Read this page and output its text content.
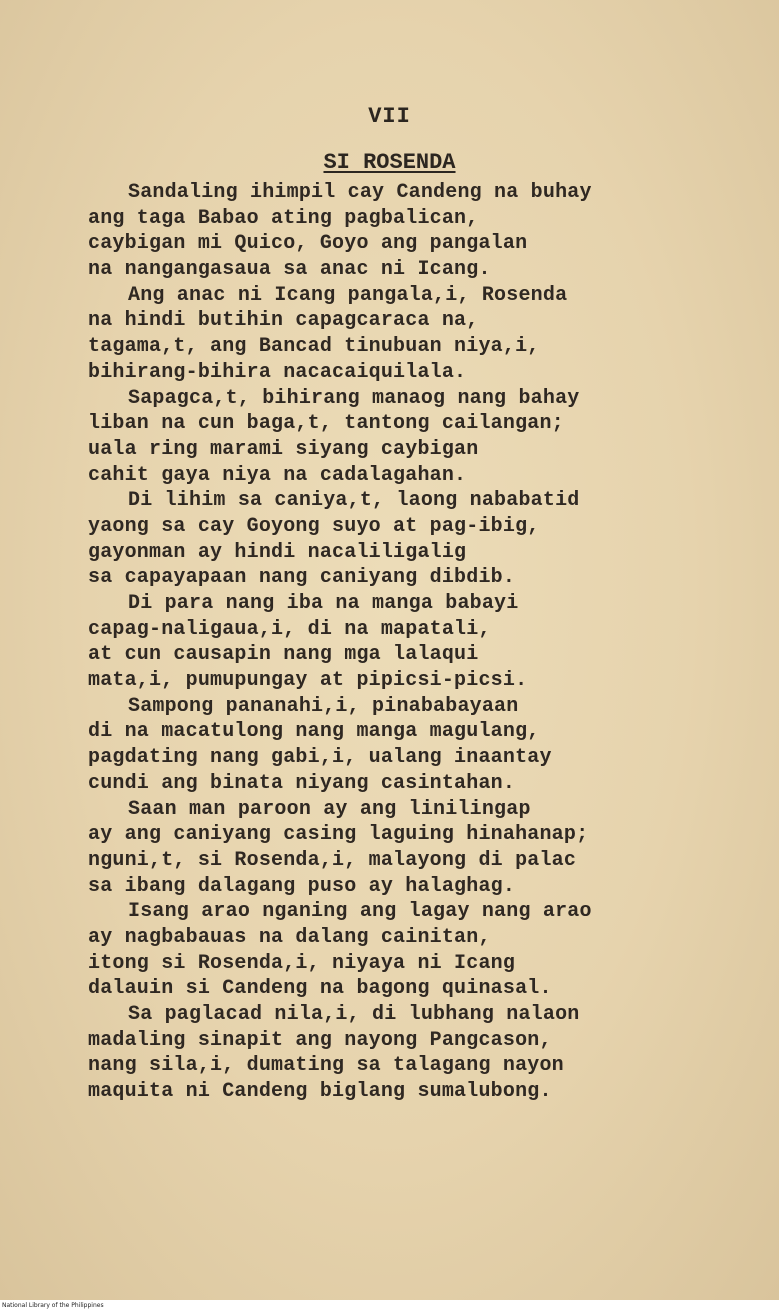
VII
SI ROSENDA
Sandaling ihimpil cay Candeng na buhay
ang taga Babao ating pagbalican,
caybigan mi Quico, Goyo ang pangalan
na nangangasaua sa anac ni Icang.
Ang anac ni Icang pangala,i, Rosenda
na hindi butihin capagcaraca na,
tagama,t, ang Bancad tinubuan niya,i,
bihirang-bihira nacacaiquilala.
Sapagca,t, bihirang manaog nang bahay
liban na cun baga,t, tantong cailangan;
uala ring marami siyang caybigan
cahit gaya niya na cadalagahan.
Di lihim sa caniya,t, laong nababatid
yaong sa cay Goyong suyo at pag-ibig,
gayonman ay hindi nacaliligalig
sa capayapaan nang caniyang dibdib.
Di para nang iba na manga babayi
capag-naligaua,i, di na mapatali,
at cun causapin nang mga lalaqui
mata,i, pumupungay at pipicsi-picsi.
Sampong pananahi,i, pinababayaan
di na macatulong nang manga magulang,
pagdating nang gabi,i, ualang inaantay
cundi ang binata niyang casintahan.
Saan man paroon ay ang linilingap
ay ang caniyang casing laguing hinahanap;
nguni,t, si Rosenda,i, malayong di palac
sa ibang dalagang puso ay halaghag.
Isang arao nganing ang lagay nang arao
ay nagbabauas na dalang cainitan,
itong si Rosenda,i, niyaya ni Icang
dalauin si Candeng na bagong quinasal.
Sa paglacad nila,i, di lubhang nalaon
madaling sinapit ang nayong Pangcason,
nang sila,i, dumating sa talagang nayon
maquita ni Candeng biglang sumalubong.
National Library of the Philippines
